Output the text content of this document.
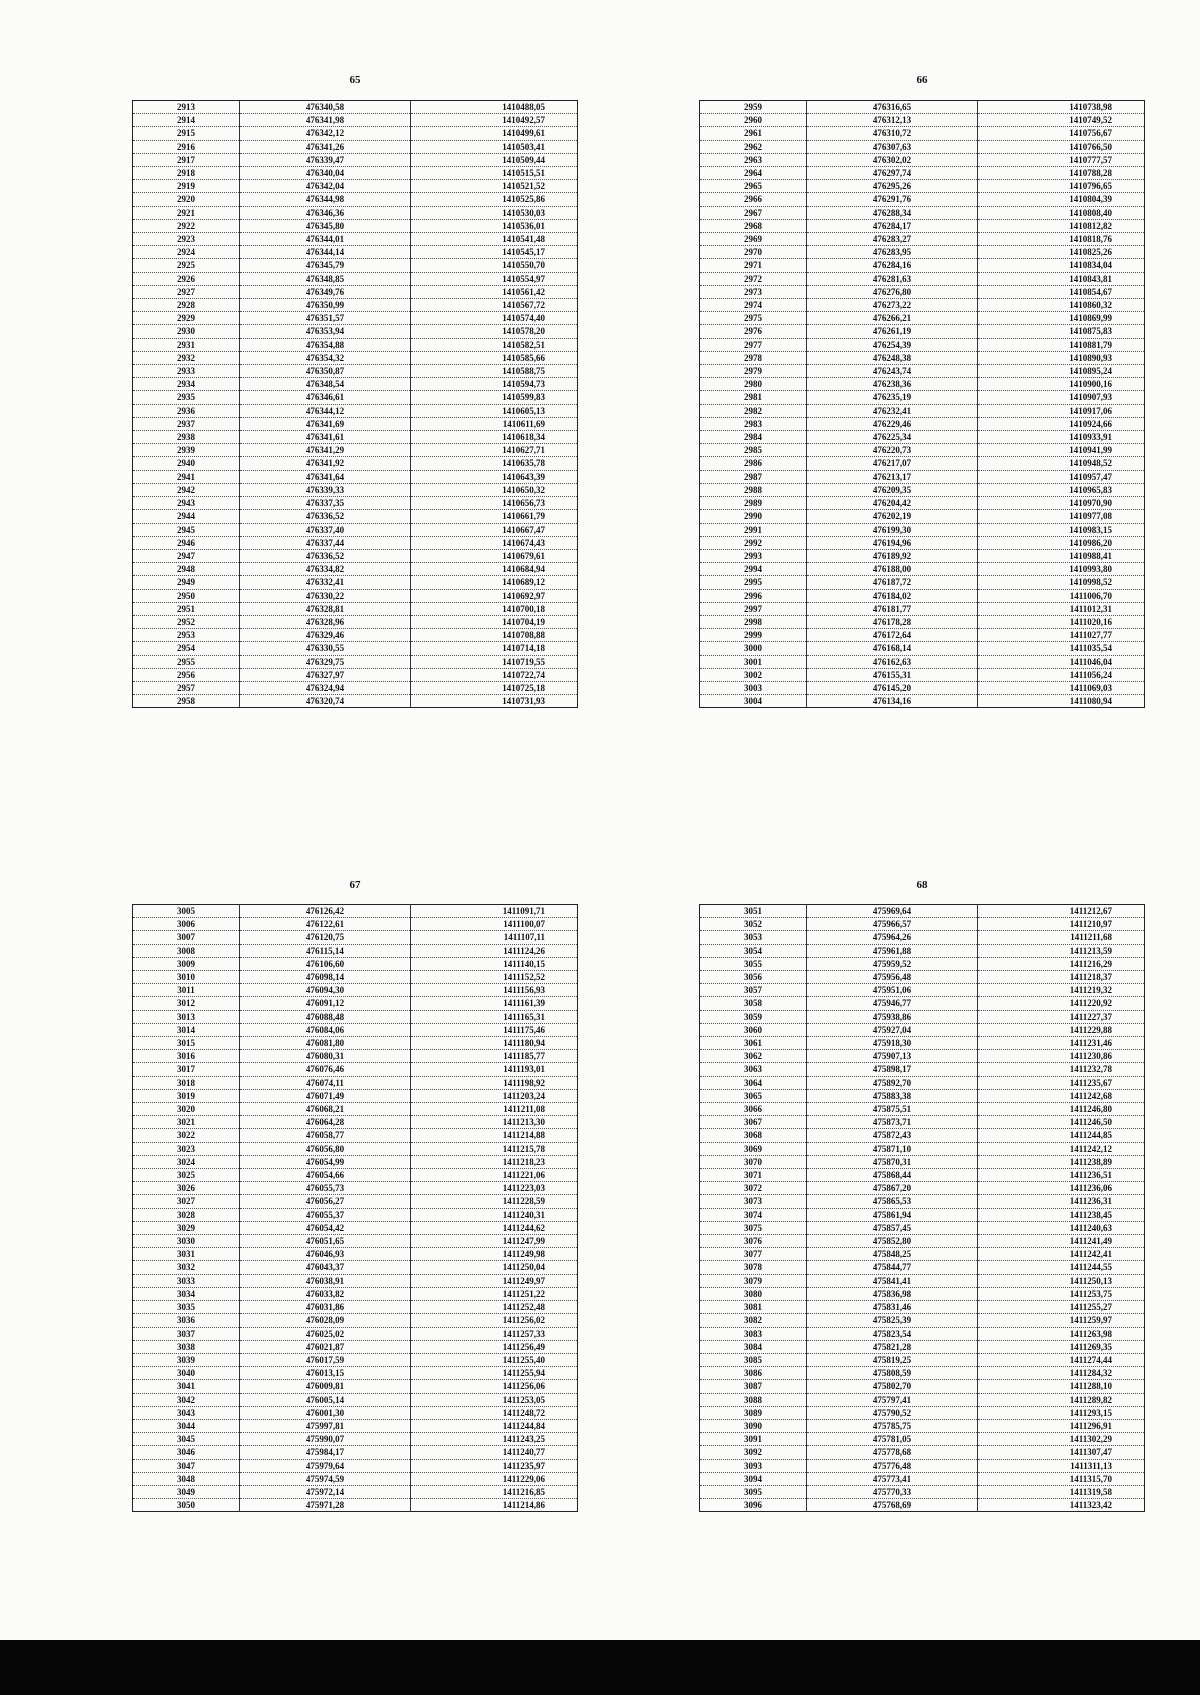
65
2913	476340,58	1410488,05
2914	476341,98	1410492,57
2915	476342,12	1410499,61
2916	476341,26	1410503,41
2917	476339,47	1410509,44
2918	476340,04	1410515,51
2919	476342,04	1410521,52
2920	476344,98	1410525,86
2921	476346,36	1410530,03
2922	476345,80	1410536,01
2923	476344,01	1410541,48
2924	476344,14	1410545,17
2925	476345,79	1410550,70
2926	476348,85	1410554,97
2927	476349,76	1410561,42
2928	476350,99	1410567,72
2929	476351,57	1410574,40
2930	476353,94	1410578,20
2931	476354,88	1410582,51
2932	476354,32	1410585,66
2933	476350,87	1410588,75
2934	476348,54	1410594,73
2935	476346,61	1410599,83
2936	476344,12	1410605,13
2937	476341,69	1410611,69
2938	476341,61	1410618,34
2939	476341,29	1410627,71
2940	476341,92	1410635,78
2941	476341,64	1410643,39
2942	476339,33	1410650,32
2943	476337,35	1410656,73
2944	476336,52	1410661,79
2945	476337,40	1410667,47
2946	476337,44	1410674,43
2947	476336,52	1410679,61
2948	476334,82	1410684,94
2949	476332,41	1410689,12
2950	476330,22	1410692,97
2951	476328,81	1410700,18
2952	476328,96	1410704,19
2953	476329,46	1410708,88
2954	476330,55	1410714,18
2955	476329,75	1410719,55
2956	476327,97	1410722,74
2957	476324,94	1410725,18
2958	476320,74	1410731,93
66
2959	476316,65	1410738,98
2960	476312,13	1410749,52
2961	476310,72	1410756,67
2962	476307,63	1410766,50
2963	476302,02	1410777,57
2964	476297,74	1410788,28
2965	476295,26	1410796,65
2966	476291,76	1410804,39
2967	476288,34	1410808,40
2968	476284,17	1410812,82
2969	476283,27	1410818,76
2970	476283,95	1410825,26
2971	476284,16	1410834,04
2972	476281,63	1410843,81
2973	476276,80	1410854,67
2974	476273,22	1410860,32
2975	476266,21	1410869,99
2976	476261,19	1410875,83
2977	476254,39	1410881,79
2978	476248,38	1410890,93
2979	476243,74	1410895,24
2980	476238,36	1410900,16
2981	476235,19	1410907,93
2982	476232,41	1410917,06
2983	476229,46	1410924,66
2984	476225,34	1410933,91
2985	476220,73	1410941,99
2986	476217,07	1410948,52
2987	476213,17	1410957,47
2988	476209,35	1410965,83
2989	476204,42	1410970,90
2990	476202,19	1410977,08
2991	476199,30	1410983,15
2992	476194,96	1410986,20
2993	476189,92	1410988,41
2994	476188,00	1410993,80
2995	476187,72	1410998,52
2996	476184,02	1411006,70
2997	476181,77	1411012,31
2998	476178,28	1411020,16
2999	476172,64	1411027,77
3000	476168,14	1411035,54
3001	476162,63	1411046,04
3002	476155,31	1411056,24
3003	476145,20	1411069,03
3004	476134,16	1411080,94
67
3005	476126,42	1411091,71
3006	476122,61	1411100,07
3007	476120,75	1411107,11
3008	476115,14	1411124,26
3009	476106,60	1411140,15
3010	476098,14	1411152,52
3011	476094,30	1411156,93
3012	476091,12	1411161,39
3013	476088,48	1411165,31
3014	476084,06	1411175,46
3015	476081,80	1411180,94
3016	476080,31	1411185,77
3017	476076,46	1411193,01
3018	476074,11	1411198,92
3019	476071,49	1411203,24
3020	476068,21	1411211,08
3021	476064,28	1411213,30
3022	476058,77	1411214,88
3023	476056,80	1411215,78
3024	476054,99	1411218,23
3025	476054,66	1411221,06
3026	476055,73	1411223,03
3027	476056,27	1411228,59
3028	476055,37	1411240,31
3029	476054,42	1411244,62
3030	476051,65	1411247,99
3031	476046,93	1411249,98
3032	476043,37	1411250,04
3033	476038,91	1411249,97
3034	476033,82	1411251,22
3035	476031,86	1411252,48
3036	476028,09	1411256,02
3037	476025,02	1411257,33
3038	476021,87	1411256,49
3039	476017,59	1411255,40
3040	476013,15	1411255,94
3041	476009,81	1411256,06
3042	476005,14	1411253,05
3043	476001,30	1411248,72
3044	475997,81	1411244,84
3045	475990,07	1411243,25
3046	475984,17	1411240,77
3047	475979,64	1411235,97
3048	475974,59	1411229,06
3049	475972,14	1411216,85
3050	475971,28	1411214,86
68
3051	475969,64	1411212,67
3052	475966,57	1411210,97
3053	475964,26	1411211,68
3054	475961,88	1411213,59
3055	475959,52	1411216,29
3056	475956,48	1411218,37
3057	475951,06	1411219,32
3058	475946,77	1411220,92
3059	475938,86	1411227,37
3060	475927,04	1411229,88
3061	475918,30	1411231,46
3062	475907,13	1411230,86
3063	475898,17	1411232,78
3064	475892,70	1411235,67
3065	475883,38	1411242,68
3066	475875,51	1411246,80
3067	475873,71	1411246,50
3068	475872,43	1411244,85
3069	475871,10	1411242,12
3070	475870,31	1411238,89
3071	475868,44	1411236,51
3072	475867,20	1411236,06
3073	475865,53	1411236,31
3074	475861,94	1411238,45
3075	475857,45	1411240,63
3076	475852,80	1411241,49
3077	475848,25	1411242,41
3078	475844,77	1411244,55
3079	475841,41	1411250,13
3080	475836,98	1411253,75
3081	475831,46	1411255,27
3082	475825,39	1411259,97
3083	475823,54	1411263,98
3084	475821,28	1411269,35
3085	475819,25	1411274,44
3086	475808,59	1411284,32
3087	475802,70	1411288,10
3088	475797,41	1411289,82
3089	475790,52	1411293,15
3090	475785,75	1411296,91
3091	475781,05	1411302,29
3092	475778,68	1411307,47
3093	475776,48	1411311,13
3094	475773,41	1411315,70
3095	475770,33	1411319,58
3096	475768,69	1411323,42
